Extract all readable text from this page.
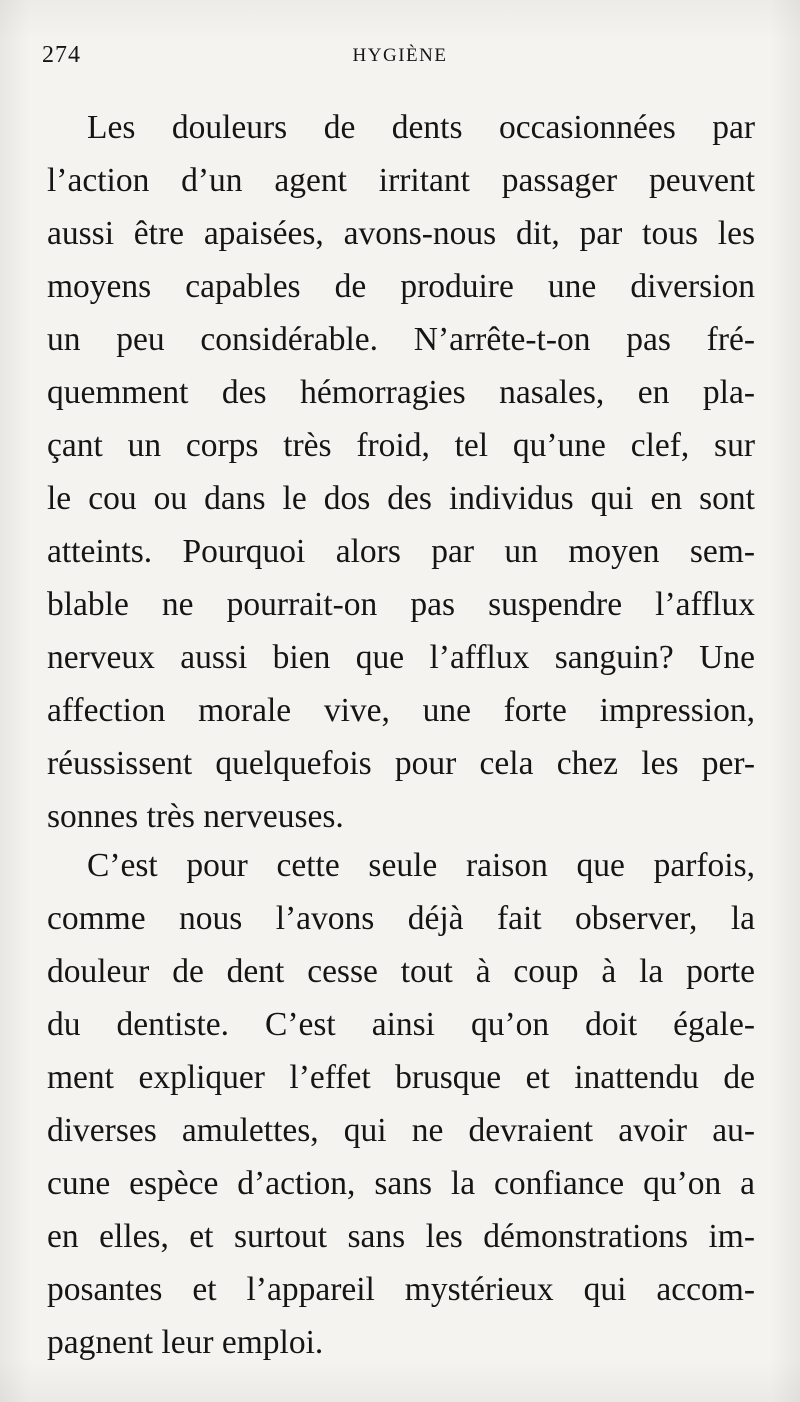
274	HYGIÈNE
Les douleurs de dents occasionnées par
l’action d’un agent irritant passager peuvent
aussi être apaisées, avons-nous dit, par tous les
moyens capables de produire une diversion
un peu considérable. N’arrête-t-on pas fré-
quemment des hémorragies nasales, en pla-
çant un corps très froid, tel qu’une clef, sur
le cou ou dans le dos des individus qui en sont
atteints. Pourquoi alors par un moyen sem-
blable ne pourrait-on pas suspendre l’afflux
nerveux aussi bien que l’afflux sanguin? Une
affection morale vive, une forte impression,
réussissent quelquefois pour cela chez les per-
sonnes très nerveuses.
C’est pour cette seule raison que parfois,
comme nous l’avons déjà fait observer, la
douleur de dent cesse tout à coup à la porte
du dentiste. C’est ainsi qu’on doit égale-
ment expliquer l’effet brusque et inattendu de
diverses amulettes, qui ne devraient avoir au-
cune espèce d’action, sans la confiance qu’on a
en elles, et surtout sans les démonstrations im-
posantes et l’appareil mystérieux qui accom-
pagnent leur emploi.
